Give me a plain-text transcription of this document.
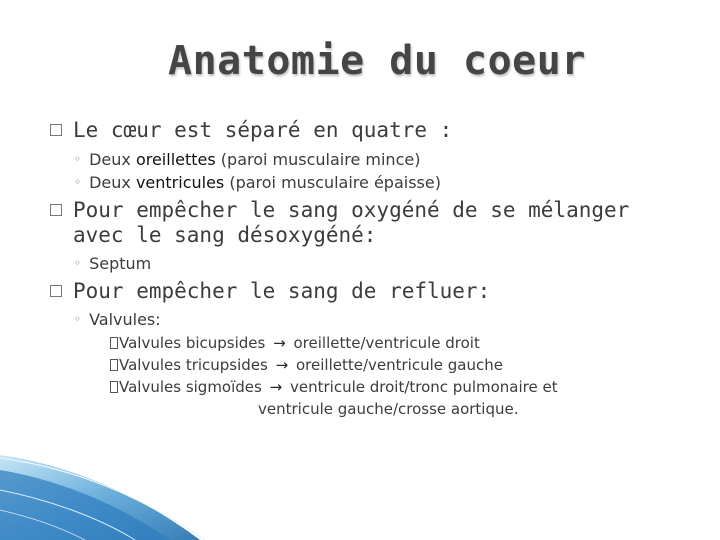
Anatomie du coeur
Le cœur est séparé en quatre :
◦ Deux oreillettes (paroi musculaire mince)
◦ Deux ventricules (paroi musculaire épaisse)
Pour empêcher le sang oxygéné de se mélanger
avec le sang désoxygéné:
◦ Septum
Pour empêcher le sang de refluer:
◦ Valvules:
Valvules bicupsides → oreillette/ventricule droit
Valvules tricupsides → oreillette/ventricule gauche
Valvules sigmoïdes → ventricule droit/tronc pulmonaire et
ventricule gauche/crosse aortique.
